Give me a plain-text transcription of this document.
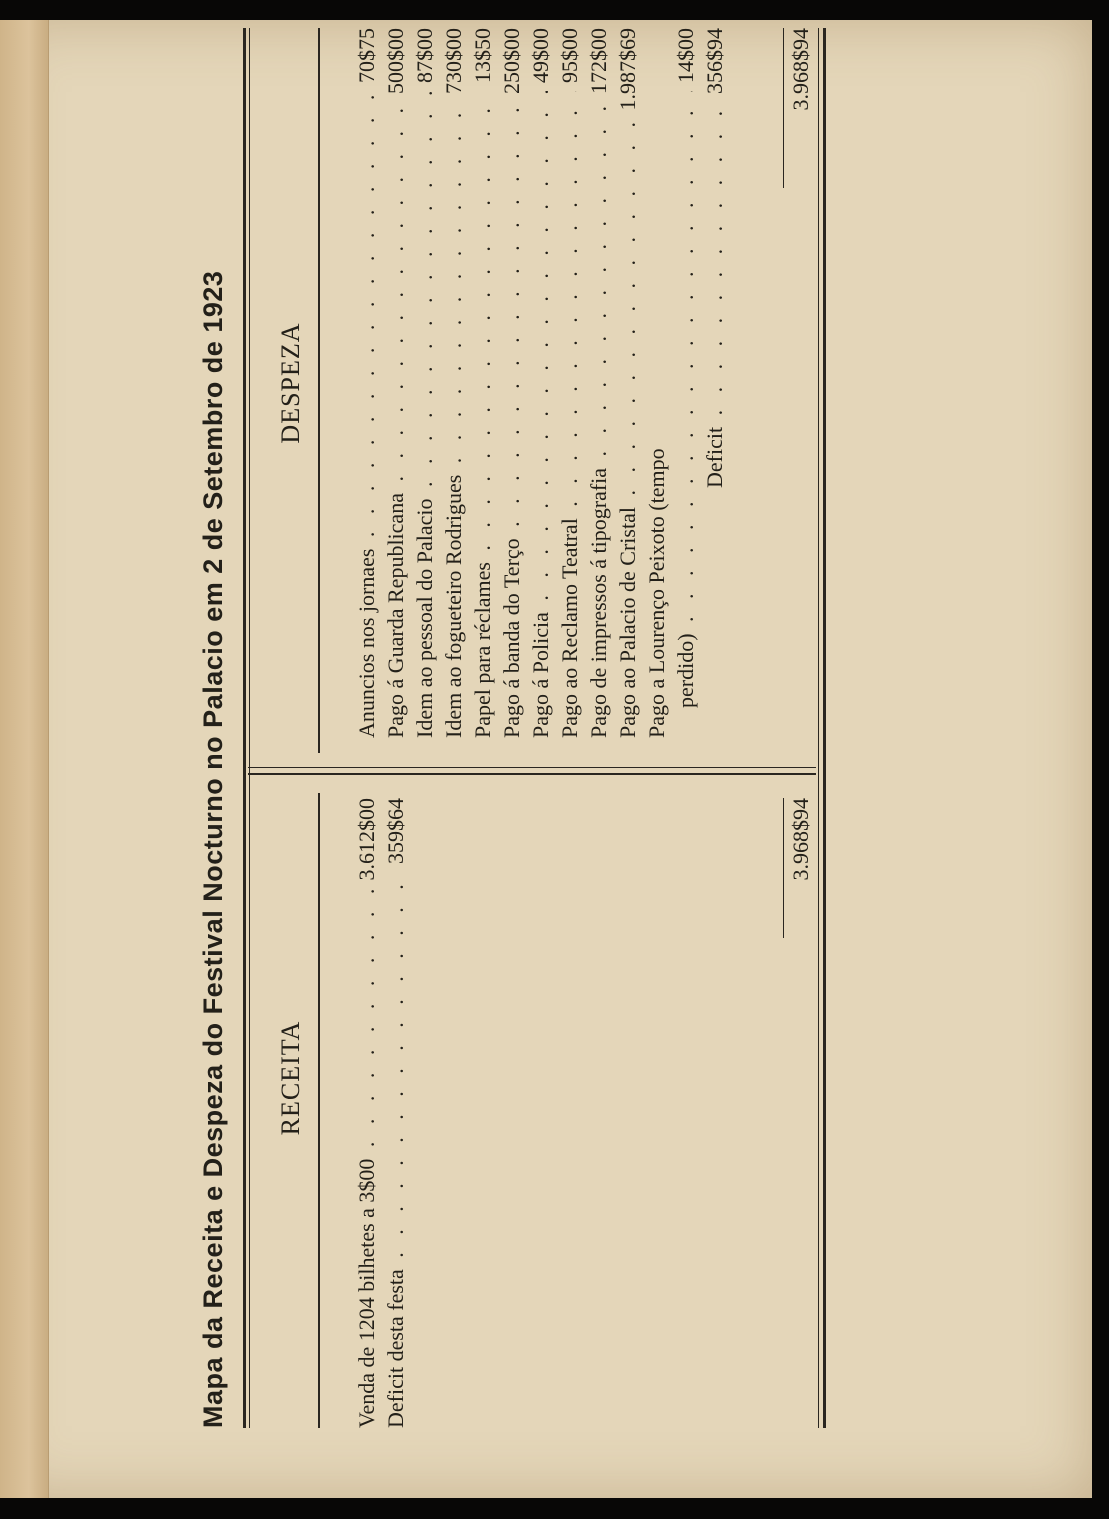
Mapa da Receita e Despeza do Festival Nocturno no Palacio em 2 de Setembro de 1923 RECEITA
DESPEZA
Venda de 1204 bilhetes a 3$00 . . .
3.612$00
Deficit desta festa . . .
359$64	3.968$94
Anuncios nos jornaes . . .
70$75
Pago á Guarda Republicana . . .
500$00
Idem ao pessoal do Palacio . . .
87$00
Idem ao fogueteiro Rodrigues . . .
730$00
Papel para réclames . . .
13$50
Pago á banda do Terço . . .
250$00
Pago á Policia . . .
49$00
Pago ao Reclamo Teatral . . .
95$00
Pago de impressos á tipografia . . .
172$00
Pago ao Palacio de Cristal . . .
1.987$69
Pago a Lourenço Peixoto (tempo perdido) . . .
14$00
Deficit . . .
356$94	3.968$94
